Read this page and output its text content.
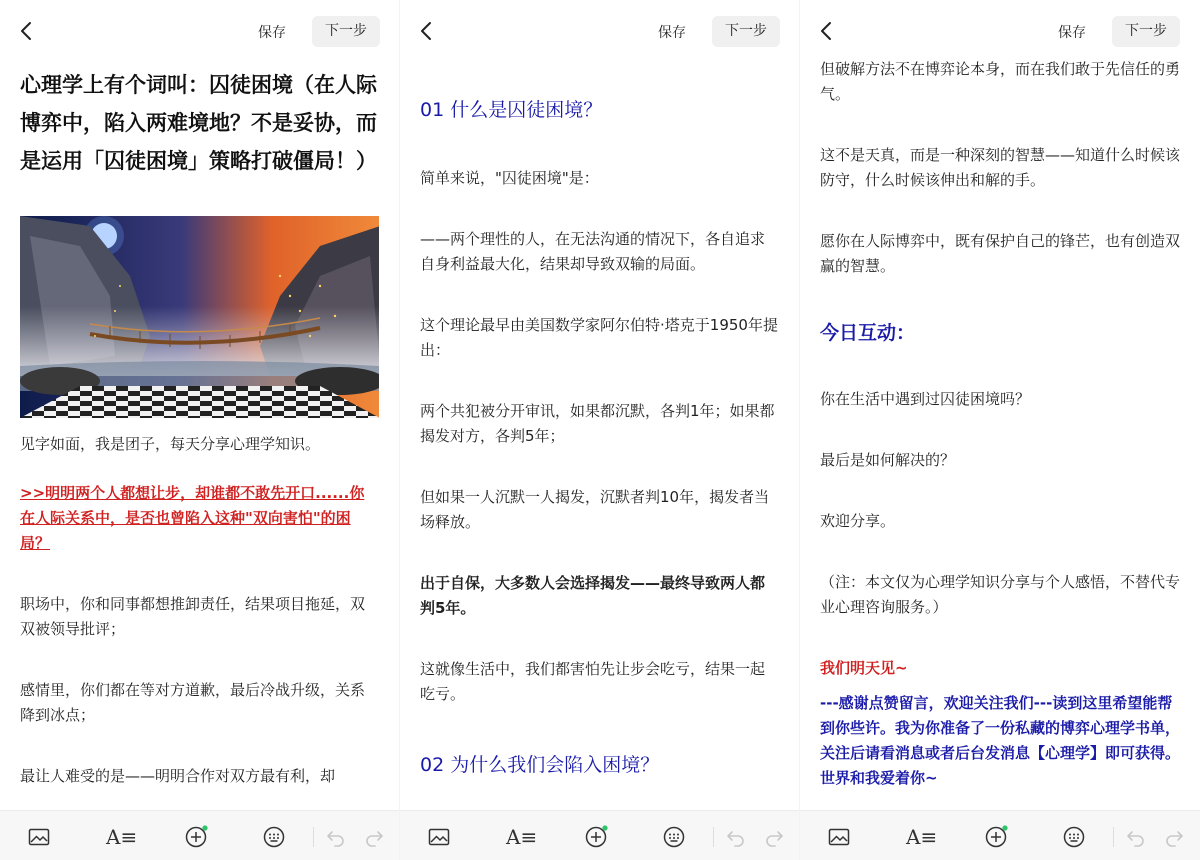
保存	下一步
心理学上有个词叫：囚徒困境（在人际博弈中，陷入两难境地？不是妥协，而是运用「囚徒困境」策略打破僵局！）
见字如面，我是团子，每天分享心理学知识。
>>明明两个人都想让步，却谁都不敢先开口......你在人际关系中，是否也曾陷入这种"双向害怕"的困局？
职场中，你和同事都想推卸责任，结果项目拖延，双双被领导批评；
感情里，你们都在等对方道歉，最后冷战升级，关系降到冰点；
最让人难受的是——明明合作对双方最有利，却
A≡
保存	下一步
01 什么是囚徒困境？
简单来说，"囚徒困境"是：
——两个理性的人，在无法沟通的情况下，各自追求自身利益最大化，结果却导致双输的局面。
这个理论最早由美国数学家阿尔伯特·塔克于1950年提出：
两个共犯被分开审讯，如果都沉默，各判1年；如果都揭发对方，各判5年；
但如果一人沉默一人揭发，沉默者判10年，揭发者当场释放。
出于自保，大多数人会选择揭发——最终导致两人都判5年。
这就像生活中，我们都害怕先让步会吃亏，结果一起吃亏。
02 为什么我们会陷入困境？
A≡
保存	下一步
但破解方法不在博弈论本身，而在我们敢于先信任的勇气。
这不是天真，而是一种深刻的智慧——知道什么时候该防守，什么时候该伸出和解的手。
愿你在人际博弈中，既有保护自己的锋芒，也有创造双赢的智慧。
今日互动：
你在生活中遇到过囚徒困境吗？
最后是如何解决的？
欢迎分享。
（注：本文仅为心理学知识分享与个人感悟，不替代专业心理咨询服务。）
我们明天见~
---感谢点赞留言，欢迎关注我们---读到这里希望能帮到你些许。我为你准备了一份私藏的博弈心理学书单，关注后请看消息或者后台发消息【心理学】即可获得。世界和我爱着你~
A≡
